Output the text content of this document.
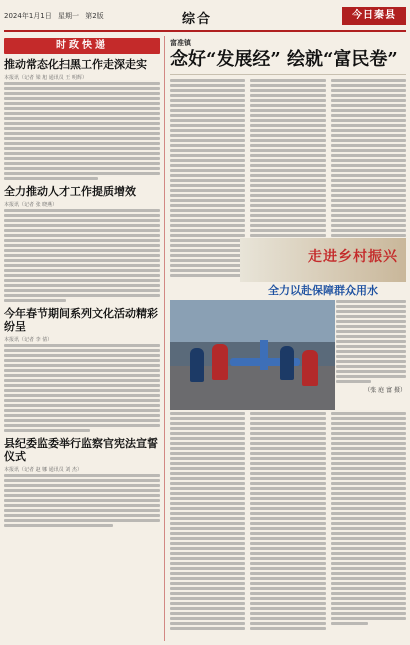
2024年1月1日 星期一 第2版	综合	今日秦县
时政快递
推动常态化扫黑工作走深走实
本报讯（记者 梁 旭 通讯员 王 明辉）
全力推动人才工作提质增效
本报讯（记者 张 晓燕）
今年春节期间系列文化活动精彩纷呈
本报讯（记者 李 倩）
县纪委监委举行监察官宪法宣誓仪式
本报讯（记者 赵 娜 通讯员 刘 杰）
富准镇
念好“发展经” 绘就“富民卷”
走进乡村振兴
全力以赴保障群众用水
（张 庭 富 摄）
